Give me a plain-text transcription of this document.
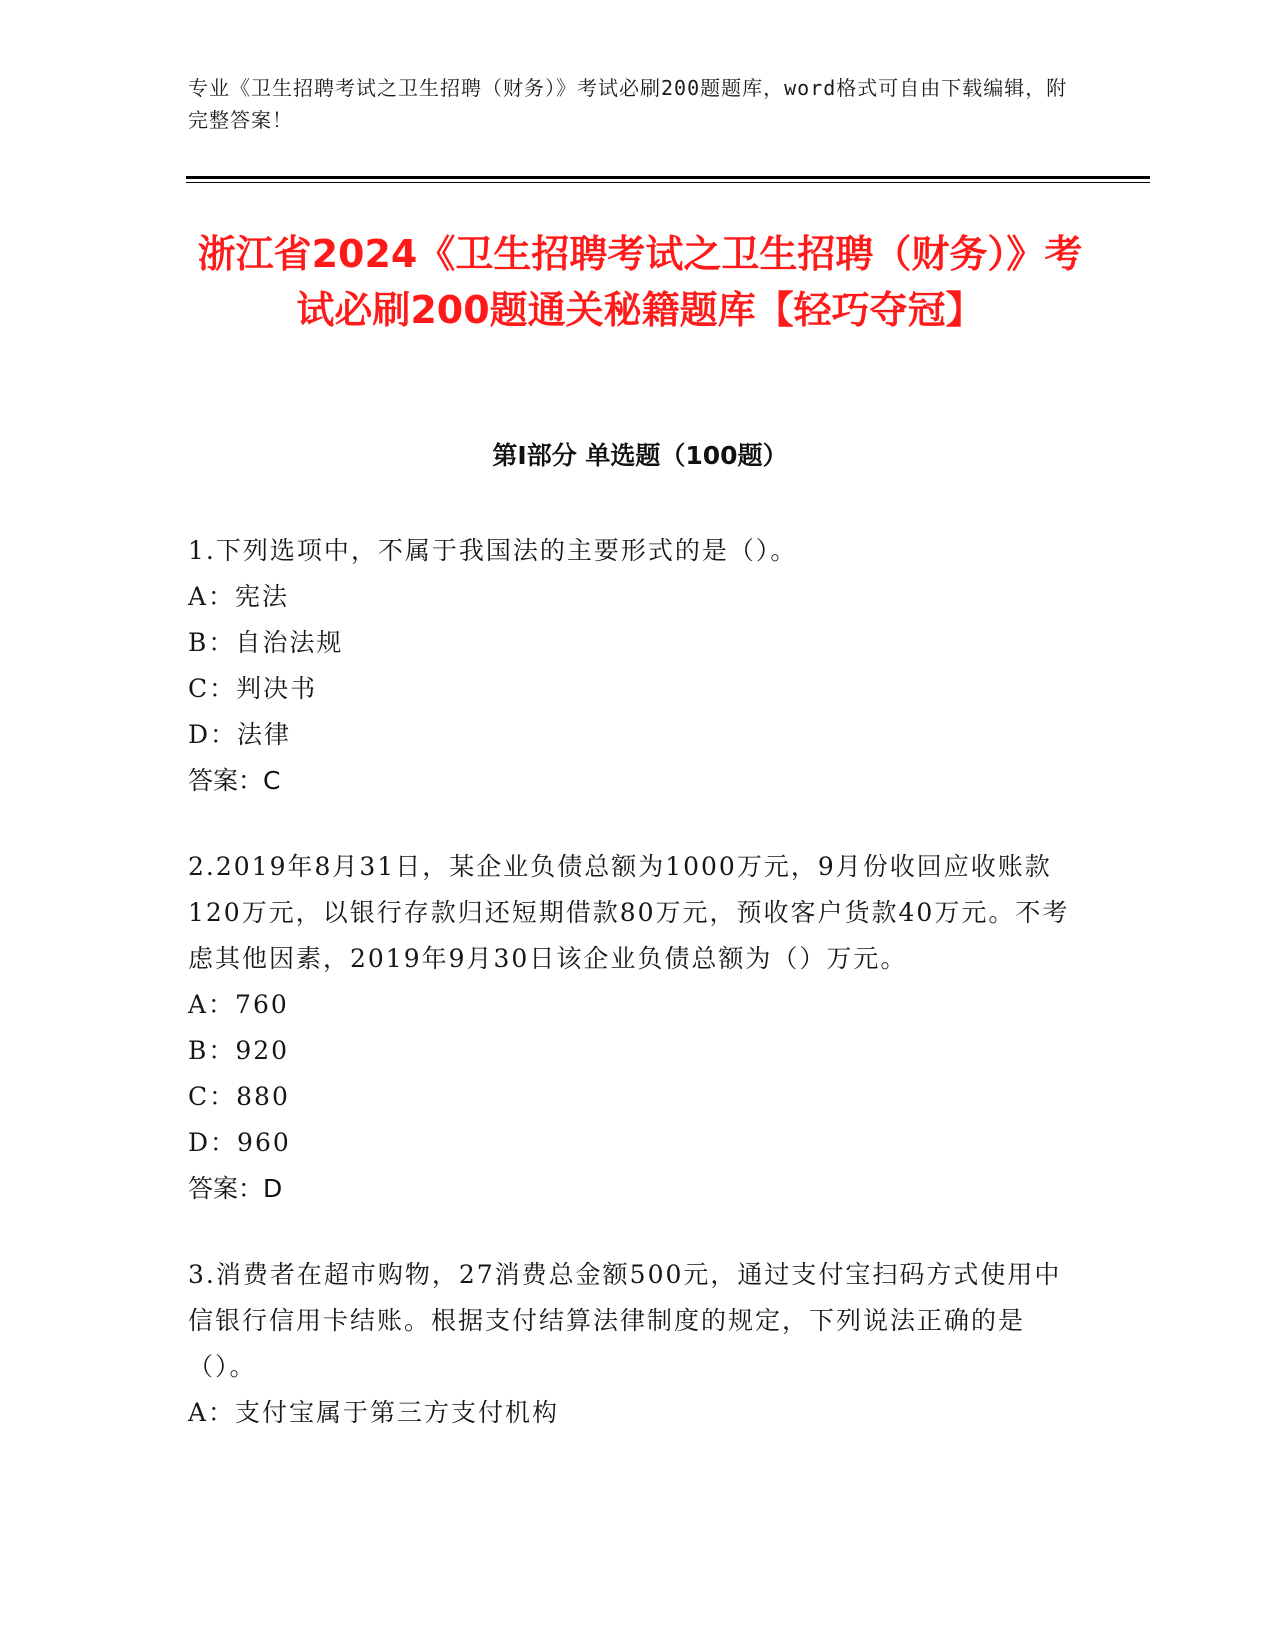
专业《卫生招聘考试之卫生招聘（财务）》考试必刷200题题库，word格式可自由下载编辑，附完整答案！
浙江省2024《卫生招聘考试之卫生招聘（财务）》考试必刷200题通关秘籍题库【轻巧夺冠】
第Ⅰ部分 单选题（100题）

1.下列选项中，不属于我国法的主要形式的是（）。

A：宪法

B：自治法规

C：判决书

D：法律

答案：C

2.2019年8月31日，某企业负债总额为1000万元，9月份收回应收账款120万元，以银行存款归还短期借款80万元，预收客户货款40万元。不考虑其他因素，2019年9月30日该企业负债总额为（）万元。

A：760

B：920

C：880

D：960

答案：D

3.消费者在超市购物，27消费总金额500元，通过支付宝扫码方式使用中信银行信用卡结账。根据支付结算法律制度的规定，下列说法正确的是（）。

A：支付宝属于第三方支付机构
